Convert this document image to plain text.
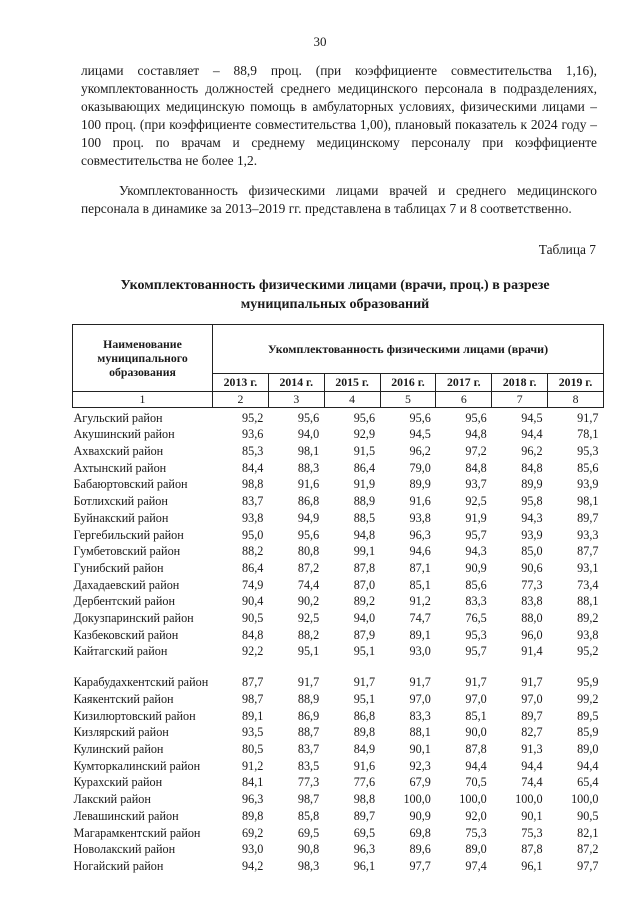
30

лицами составляет – 88,9 проц. (при коэффициенте совместительства 1,16), укомплектованность должностей среднего медицинского персонала в подразделениях, оказывающих медицинскую помощь в амбулаторных условиях, физическими лицами – 100 проц. (при коэффициенте совместительства 1,00), плановый показатель к 2024 году – 100 проц. по врачам и среднему медицинскому персоналу при коэффициенте совместительства не более 1,2.

Укомплектованность физическими лицами врачей и среднего медицинского персонала в динамике за 2013–2019 гг. представлена в таблицах 7 и 8 соответственно.

Таблица 7
Укомплектованность физическими лицами (врачи, проц.) в разрезе муниципальных образований
Наименование муниципального образования	Укомплектованность физическими лицами (врачи)						
	2013 г.	2014 г.	2015 г.	2016 г.	2017 г.	2018 г.	2019 г.
1	2	3	4	5	6	7	8
Агульский район	95,2	95,6	95,6	95,6	95,6	94,5	91,7
Акушинский район	93,6	94,0	92,9	94,5	94,8	94,4	78,1
Ахвахский район	85,3	98,1	91,5	96,2	97,2	96,2	95,3
Ахтынский район	84,4	88,3	86,4	79,0	84,8	84,8	85,6
Бабаюртовский район	98,8	91,6	91,9	89,9	93,7	89,9	93,9
Ботлихский район	83,7	86,8	88,9	91,6	92,5	95,8	98,1
Буйнакский район	93,8	94,9	88,5	93,8	91,9	94,3	89,7
Гергебильский район	95,0	95,6	94,8	96,3	95,7	93,9	93,3
Гумбетовский район	88,2	80,8	99,1	94,6	94,3	85,0	87,7
Гунибский район	86,4	87,2	87,8	87,1	90,9	90,6	93,1
Дахадаевский район	74,9	74,4	87,0	85,1	85,6	77,3	73,4
Дербентский район	90,4	90,2	89,2	91,2	83,3	83,8	88,1
Докузпаринский район	90,5	92,5	94,0	74,7	76,5	88,0	89,2
Казбековский район	84,8	88,2	87,9	89,1	95,3	96,0	93,8
Кайтагский район	92,2	95,1	95,1	93,0	95,7	91,4	95,2
Карабудахкентский район	87,7	91,7	91,7	91,7	91,7	91,7	95,9
Каякентский район	98,7	88,9	95,1	97,0	97,0	97,0	99,2
Кизилюртовский район	89,1	86,9	86,8	83,3	85,1	89,7	89,5
Кизлярский район	93,5	88,7	89,8	88,1	90,0	82,7	85,9
Кулинский район	80,5	83,7	84,9	90,1	87,8	91,3	89,0
Кумторкалинский район	91,2	83,5	91,6	92,3	94,4	94,4	94,4
Курахский район	84,1	77,3	77,6	67,9	70,5	74,4	65,4
Лакский район	96,3	98,7	98,8	100,0	100,0	100,0	100,0
Левашинский район	89,8	85,8	89,7	90,9	92,0	90,1	90,5
Магарамкентский район	69,2	69,5	69,5	69,8	75,3	75,3	82,1
Новолакский район	93,0	90,8	96,3	89,6	89,0	87,8	87,2
Ногайский район	94,2	98,3	96,1	97,7	97,4	96,1	97,7
